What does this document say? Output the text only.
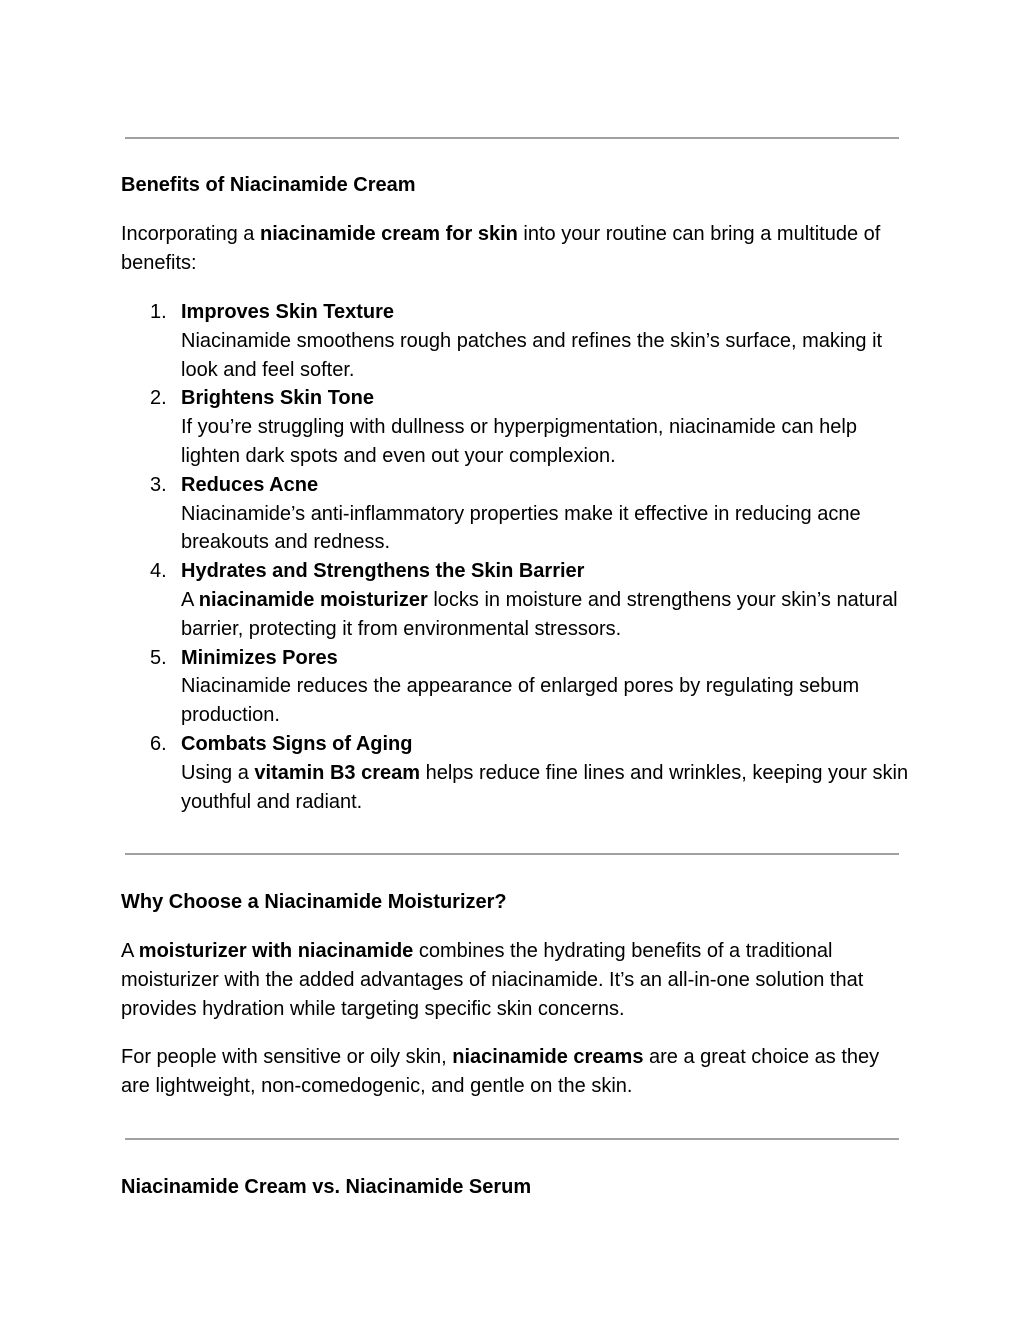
Benefits of Niacinamide Cream

Incorporating a niacinamide cream for skin into your routine can bring a multitude of benefits:

1. Improves Skin Texture
Niacinamide smoothens rough patches and refines the skin’s surface, making it look and feel softer.
2. Brightens Skin Tone
If you’re struggling with dullness or hyperpigmentation, niacinamide can help lighten dark spots and even out your complexion.
3. Reduces Acne
Niacinamide’s anti-inflammatory properties make it effective in reducing acne breakouts and redness.
4. Hydrates and Strengthens the Skin Barrier
A niacinamide moisturizer locks in moisture and strengthens your skin’s natural barrier, protecting it from environmental stressors.
5. Minimizes Pores
Niacinamide reduces the appearance of enlarged pores by regulating sebum production.
6. Combats Signs of Aging
Using a vitamin B3 cream helps reduce fine lines and wrinkles, keeping your skin youthful and radiant.
Why Choose a Niacinamide Moisturizer?

A moisturizer with niacinamide combines the hydrating benefits of a traditional moisturizer with the added advantages of niacinamide. It’s an all-in-one solution that provides hydration while targeting specific skin concerns.

For people with sensitive or oily skin, niacinamide creams are a great choice as they are lightweight, non-comedogenic, and gentle on the skin.

Niacinamide Cream vs. Niacinamide Serum
